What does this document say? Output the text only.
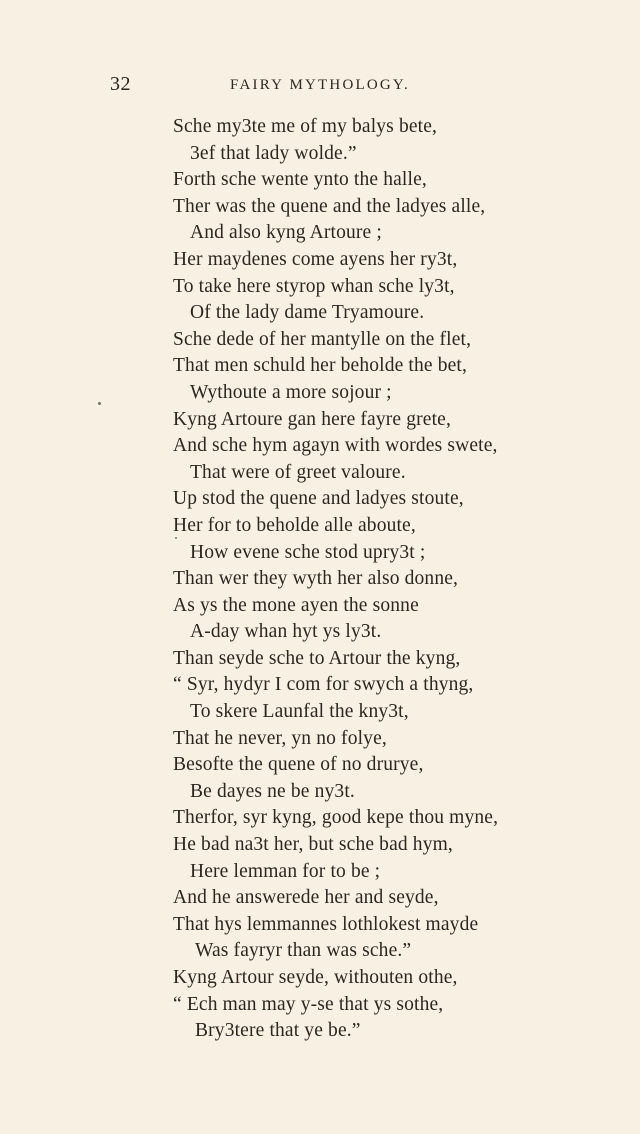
32	FAIRY MYTHOLOGY.
Sche my3te me of my balys bete,
3ef that lady wolde.”
Forth sche wente ynto the halle,
Ther was the quene and the ladyes alle,
And also kyng Artoure ;
Her maydenes come ayens her ry3t,
To take here styrop whan sche ly3t,
Of the lady dame Tryamoure.
Sche dede of her mantylle on the flet,
That men schuld her beholde the bet,
Wythoute a more sojour ;
Kyng Artoure gan here fayre grete,
And sche hym agayn with wordes swete,
That were of greet valoure.
Up stod the quene and ladyes stoute,
Her for to beholde alle aboute,
How evene sche stod upry3t ;
Than wer they wyth her also donne,
As ys the mone ayen the sonne
A-day whan hyt ys ly3t.
Than seyde sche to Artour the kyng,
“ Syr, hydyr I com for swych a thyng,
To skere Launfal the kny3t,
That he never, yn no folye,
Besofte the quene of no drurye,
Be dayes ne be ny3t.
Therfor, syr kyng, good kepe thou myne,
He bad na3t her, but sche bad hym,
Here lemman for to be ;
And he answerede her and seyde,
That hys lemmannes lothlokest mayde
Was fayryr than was sche.”
Kyng Artour seyde, withouten othe,
“ Ech man may y-se that ys sothe,
Bry3tere that ye be.”
